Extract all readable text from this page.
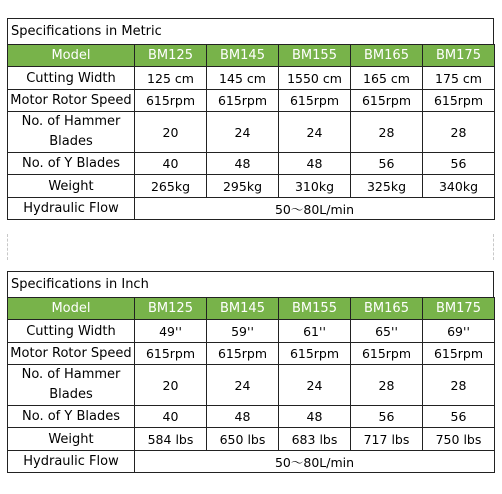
Specifications in Metric
Model	BM125	BM145	BM155	BM165	BM175
Cutting Width	125 cm	145 cm	1550 cm	165 cm	175 cm
Motor Rotor Speed	615rpm	615rpm	615rpm	615rpm	615rpm
No. of Hammer Blades	20	24	24	28	28
No. of Y Blades	40	48	48	56	56
Weight	265kg	295kg	310kg	325kg	340kg
Hydraulic Flow	50～80L/min				
Specifications in Inch
Model	BM125	BM145	BM155	BM165	BM175
Cutting Width	49''	59''	61''	65''	69''
Motor Rotor Speed	615rpm	615rpm	615rpm	615rpm	615rpm
No. of Hammer Blades	20	24	24	28	28
No. of Y Blades	40	48	48	56	56
Weight	584 lbs	650 lbs	683 lbs	717 lbs	750 lbs
Hydraulic Flow	50～80L/min				
